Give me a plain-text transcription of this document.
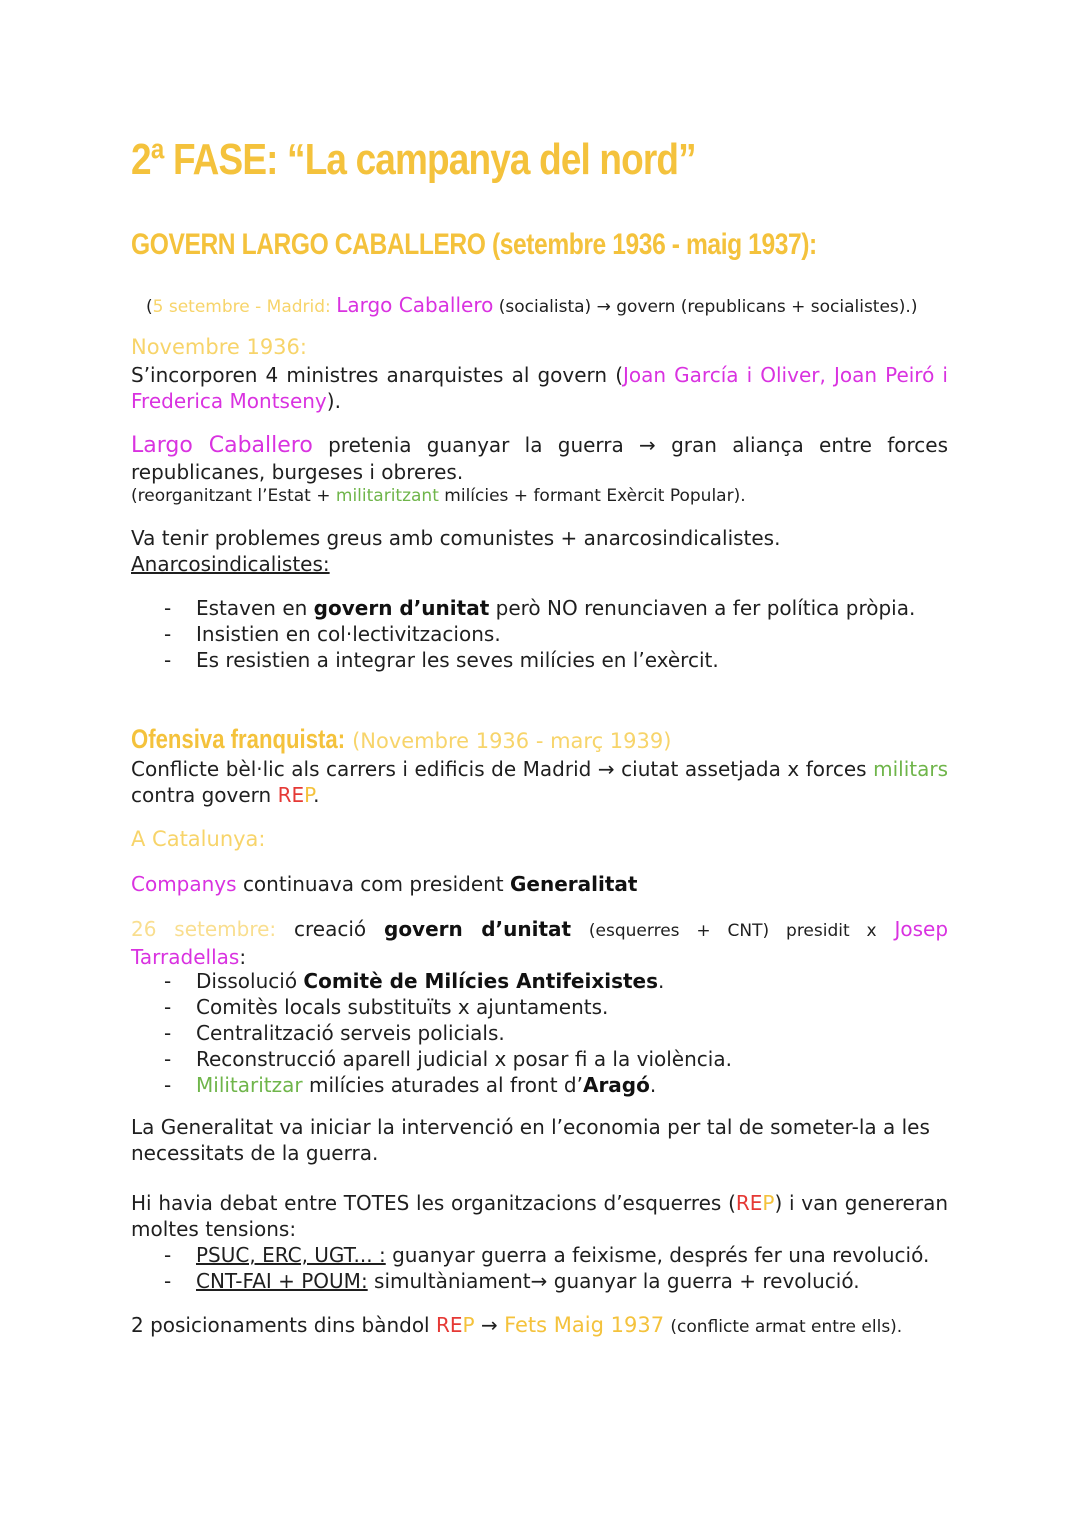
2ª FASE: “La campanya del nord”
GOVERN LARGO CABALLERO (setembre 1936 - maig 1937):

(5 setembre - Madrid: Largo Caballero (socialista) → govern (republicans + socialistes).)

Novembre 1936:

S’incorporen 4 ministres anarquistes al govern (Joan García i Oliver, Joan Peiró i Frederica Montseny).

Largo Caballero pretenia guanyar la guerra → gran aliança entre forces republicanes, burgeses i obreres.

(reorganitzant l’Estat + militaritzant milícies + formant Exèrcit Popular).

Va tenir problemes greus amb comunistes + anarcosindicalistes.

Anarcosindicalistes:

- Estaven en govern d’unitat però NO renunciaven a fer política pròpia.
- Insistien en col·lectivitzacions.
- Es resistien a integrar les seves milícies en l’exèrcit.

Ofensiva franquista: (Novembre 1936 - març 1939)

Conflicte bèl·lic als carrers i edificis de Madrid → ciutat assetjada x forces militars contra govern REP.

A Catalunya:

Companys continuava com president Generalitat

26 setembre: creació govern d’unitat (esquerres + CNT) presidit x Josep Tarradellas:

- Dissolució Comitè de Milícies Antifeixistes.
- Comitès locals substituïts x ajuntaments.
- Centralització serveis policials.
- Reconstrucció aparell judicial x posar fi a la violència.
- Militaritzar milícies aturades al front d’Aragó.

La Generalitat va iniciar la intervenció en l’economia per tal de someter-la a les necessitats de la guerra.

Hi havia debat entre TOTES les organitzacions d’esquerres (REP) i van genereran moltes tensions:

- PSUC, ERC, UGT... : guanyar guerra a feixisme, després fer una revolució.
- CNT-FAI + POUM: simultàniament→ guanyar la guerra + revolució.

2 posicionaments dins bàndol REP → Fets Maig 1937 (conflicte armat entre ells).
